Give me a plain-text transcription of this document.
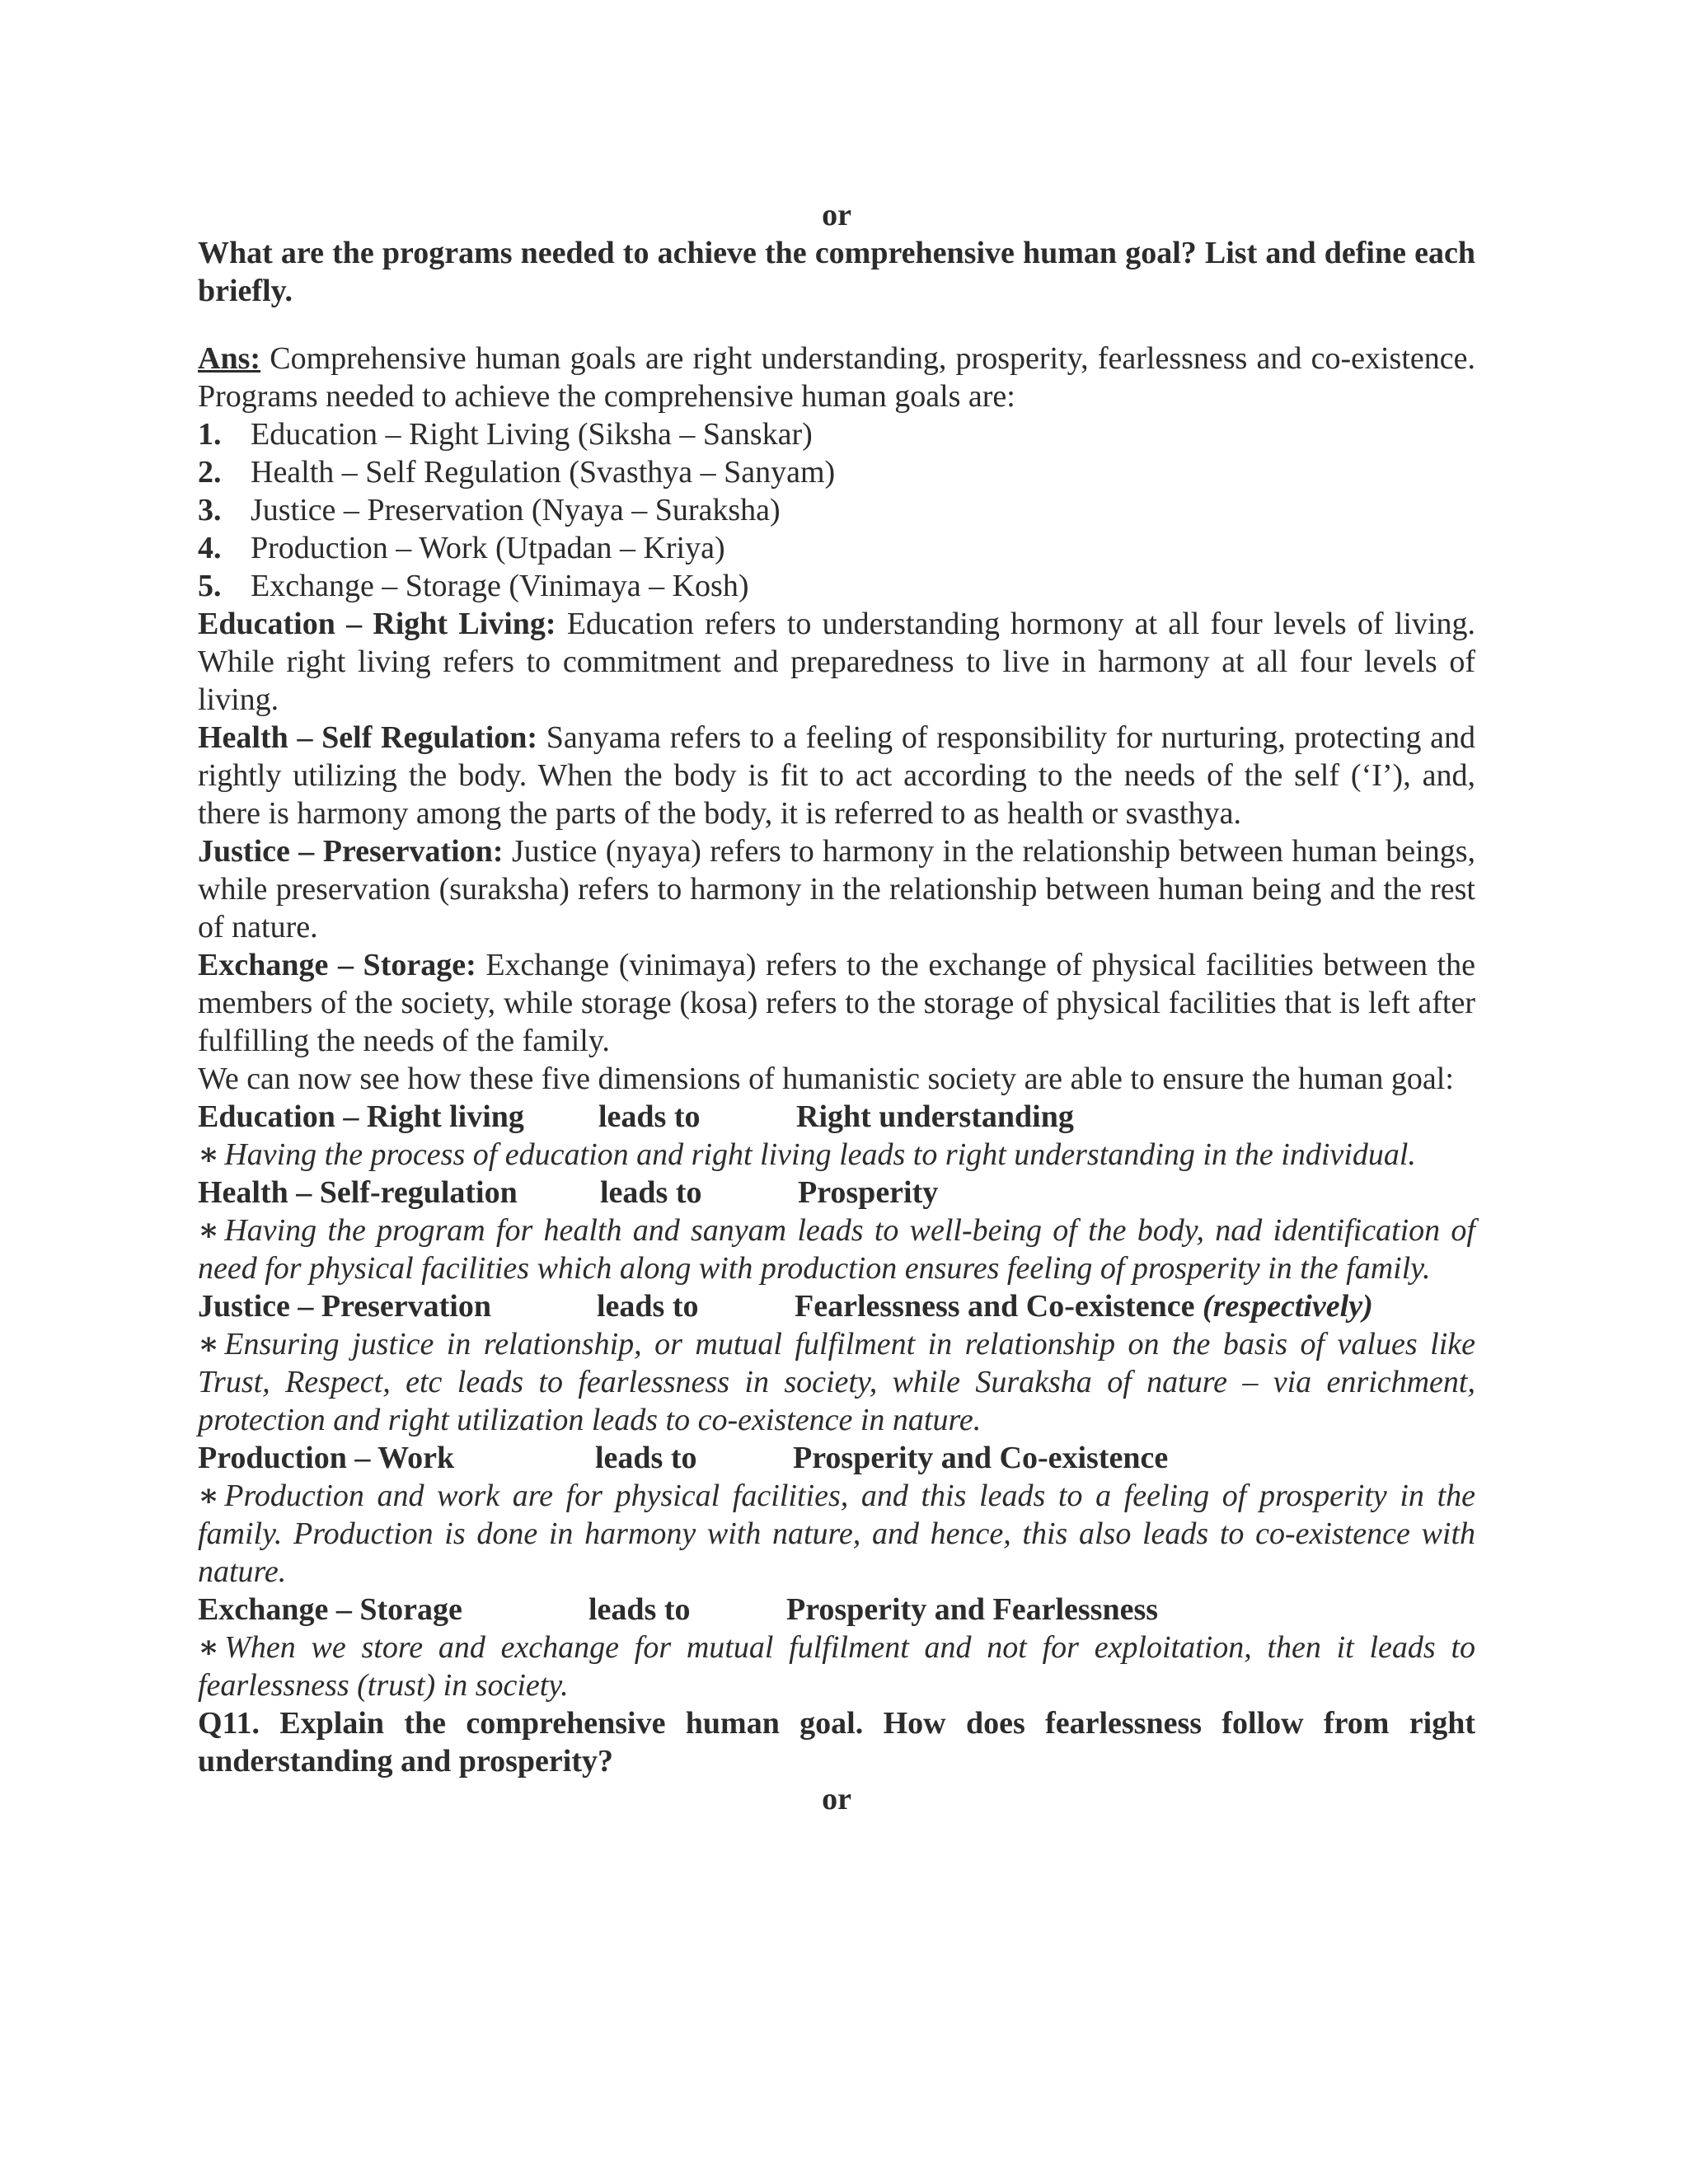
or

What are the programs needed to achieve the comprehensive human goal? List and define each briefly.

Ans: Comprehensive human goals are right understanding, prosperity, fearlessness and co-existence. Programs needed to achieve the comprehensive human goals are:

1. Education – Right Living (Siksha – Sanskar)
2. Health – Self Regulation (Svasthya – Sanyam)
3. Justice – Preservation (Nyaya – Suraksha)
4. Production – Work (Utpadan – Kriya)
5. Exchange – Storage (Vinimaya – Kosh)

Education – Right Living: Education refers to understanding hormony at all four levels of living. While right living refers to commitment and preparedness to live in harmony at all four levels of living.

Health – Self Regulation: Sanyama refers to a feeling of responsibility for nurturing, protecting and rightly utilizing the body. When the body is fit to act according to the needs of the self (‘I’), and, there is harmony among the parts of the body, it is referred to as health or svasthya.

Justice – Preservation: Justice (nyaya) refers to harmony in the relationship between human beings, while preservation (suraksha) refers to harmony in the relationship between human being and the rest of nature.

Exchange – Storage: Exchange (vinimaya) refers to the exchange of physical facilities between the members of the society, while storage (kosa) refers to the storage of physical facilities that is left after fulfilling the needs of the family.

We can now see how these five dimensions of humanistic society are able to ensure the human goal:

Education – Right living	leads to	Right understanding

∗ Having the process of education and right living leads to right understanding in the individual.

Health – Self-regulation	leads to	Prosperity

∗ Having the program for health and sanyam leads to well-being of the body, nad identification of need for physical facilities which along with production ensures feeling of prosperity in the family.

Justice – Preservation	leads to	Fearlessness and Co-existence (respectively)

∗ Ensuring justice in relationship, or mutual fulfilment in relationship on the basis of values like Trust, Respect, etc leads to fearlessness in society, while Suraksha of nature – via enrichment, protection and right utilization leads to co-existence in nature.

Production – Work	leads to	Prosperity and Co-existence

∗ Production and work are for physical facilities, and this leads to a feeling of prosperity in the family. Production is done in harmony with nature, and hence, this also leads to co-existence with nature.

Exchange – Storage	leads to	Prosperity and Fearlessness

∗ When we store and exchange for mutual fulfilment and not for exploitation, then it leads to fearlessness (trust) in society.

Q11. Explain the comprehensive human goal. How does fearlessness follow from right understanding and prosperity?

or
